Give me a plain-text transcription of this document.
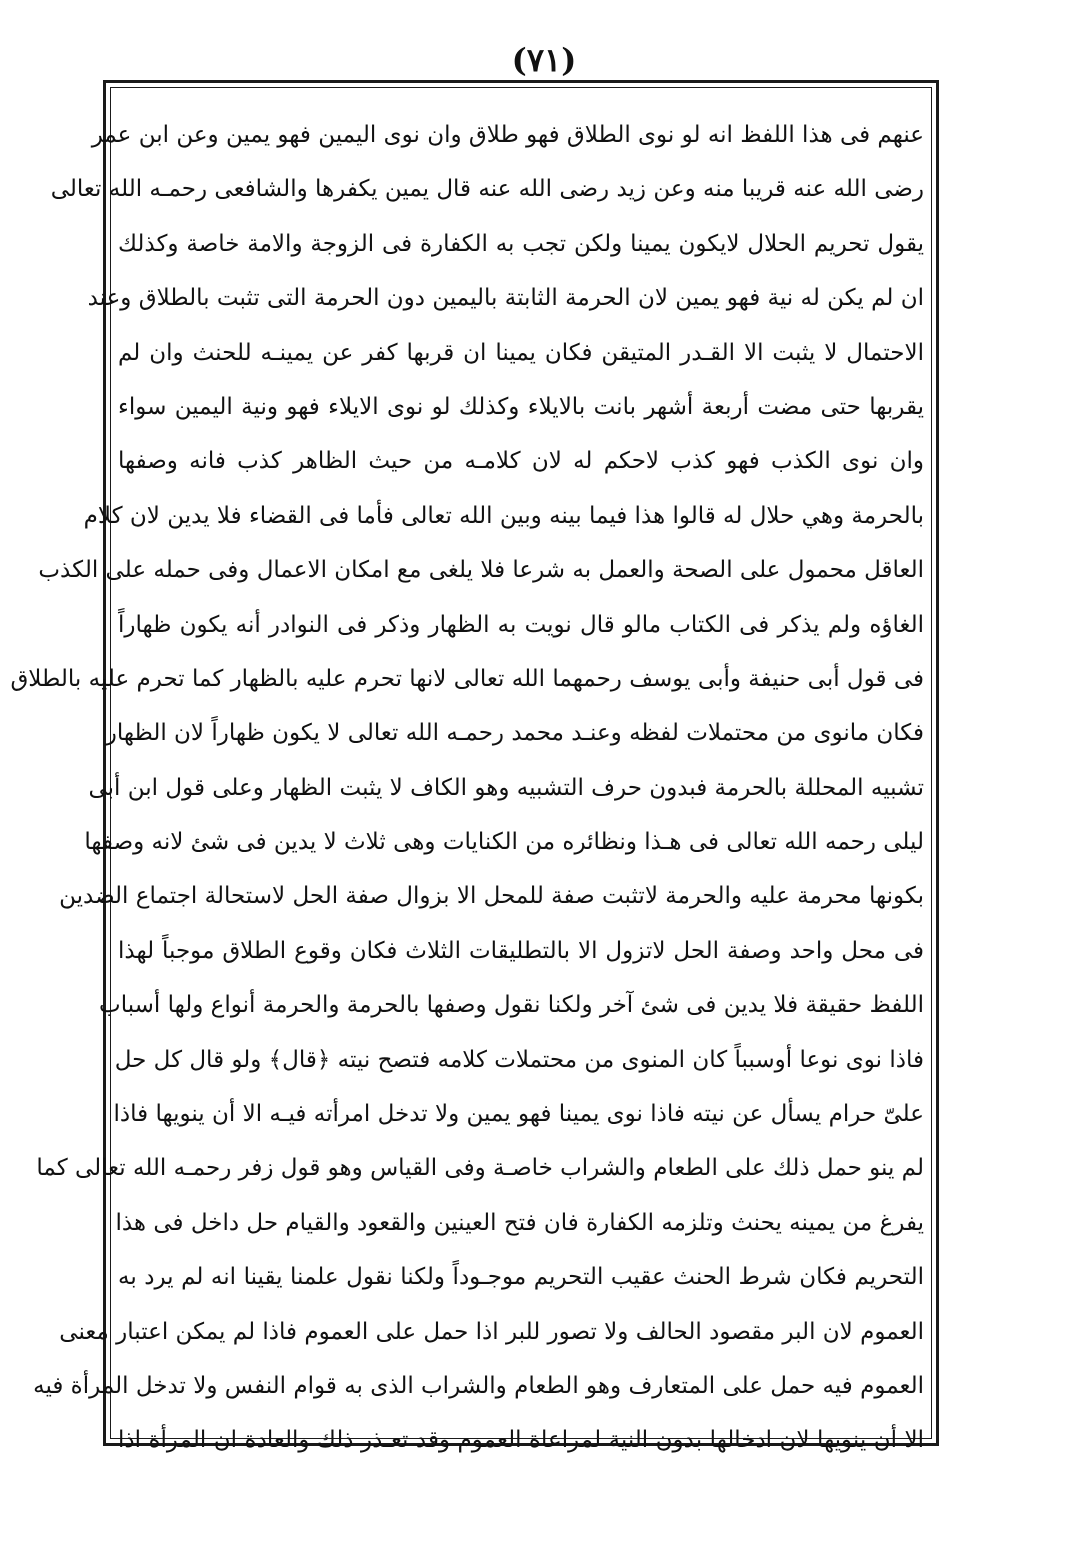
(٧١)
عنهم فى هذا اللفظ انه لو نوى الطلاق فهو طلاق وان نوى اليمين فهو يمين وعن ابن عمر
رضى الله عنه قريبا منه وعن زيد رضى الله عنه قال يمين يكفرها والشافعى رحمـه الله تعالى
يقول تحريم الحلال لايكون يمينا ولكن تجب به الكفارة فى الزوجة والامة خاصة وكذلك
ان لم يكن له نية فهو يمين لان الحرمة الثابتة باليمين دون الحرمة التى تثبت بالطلاق وعند
الاحتمال لا يثبت الا القـدر المتيقن فكان يمينا ان قربها كفر عن يمينـه للحنث وان لم
يقربها حتى مضت أربعة أشهر بانت بالايلاء وكذلك لو نوى الايلاء فهو ونية اليمين سواء
وان نوى الكذب فهو كذب لاحكم له لان كلامـه من حيث الظاهر كذب فانه وصفها
بالحرمة وهي حلال له قالوا هذا فيما بينه وبين الله تعالى فأما فى القضاء فلا يدين لان كلام
العاقل محمول على الصحة والعمل به شرعا فلا يلغى مع امكان الاعمال وفى حمله على الكذب
الغاؤه ولم يذكر فى الكتاب مالو قال نويت به الظهار وذكر فى النوادر أنه يكون ظهاراً
فى قول أبى حنيفة وأبى يوسف رحمهما الله تعالى لانها تحرم عليه بالظهار كما تحرم عليه بالطلاق
فكان مانوى من محتملات لفظه وعنـد محمد رحمـه الله تعالى لا يكون ظهاراً لان الظهار
تشبيه المحللة بالحرمة فبدون حرف التشبيه وهو الكاف لا يثبت الظهار وعلى قول ابن أبى
ليلى رحمه الله تعالى فى هـذا ونظائره من الكنايات وهى ثلاث لا يدين فى شئ لانه وصفها
بكونها محرمة عليه والحرمة لاتثبت صفة للمحل الا بزوال صفة الحل لاستحالة اجتماع الضدين
فى محل واحد وصفة الحل لاتزول الا بالتطليقات الثلاث فكان وقوع الطلاق موجباً لهذا
اللفظ حقيقة فلا يدين فى شئ آخر ولكنا نقول وصفها بالحرمة والحرمة أنواع ولها أسباب
فاذا نوى نوعا أوسبباً كان المنوى من محتملات كلامه فتصح نيته ﴿قال﴾ ولو قال كل حل
علىّ حرام يسأل عن نيته فاذا نوى يمينا فهو يمين ولا تدخل امرأته فيـه الا أن ينويها فاذا
لم ينو حمل ذلك على الطعام والشراب خاصـة وفى القياس وهو قول زفر رحمـه الله تعالى كما
يفرغ من يمينه يحنث وتلزمه الكفارة فان فتح العينين والقعود والقيام حل داخل فى هذا
التحريم فكان شرط الحنث عقيب التحريم موجـوداً ولكنا نقول علمنا يقينا انه لم يرد به
العموم لان البر مقصود الحالف ولا تصور للبر اذا حمل على العموم فاذا لم يمكن اعتبار معنى
العموم فيه حمل على المتعارف وهو الطعام والشراب الذى به قوام النفس ولا تدخل المرأة فيه
الا أن ينويها لان ادخالها بدون النية لمراعاة العموم وقد تعـذر ذلك والعادة ان المرأة اذا
